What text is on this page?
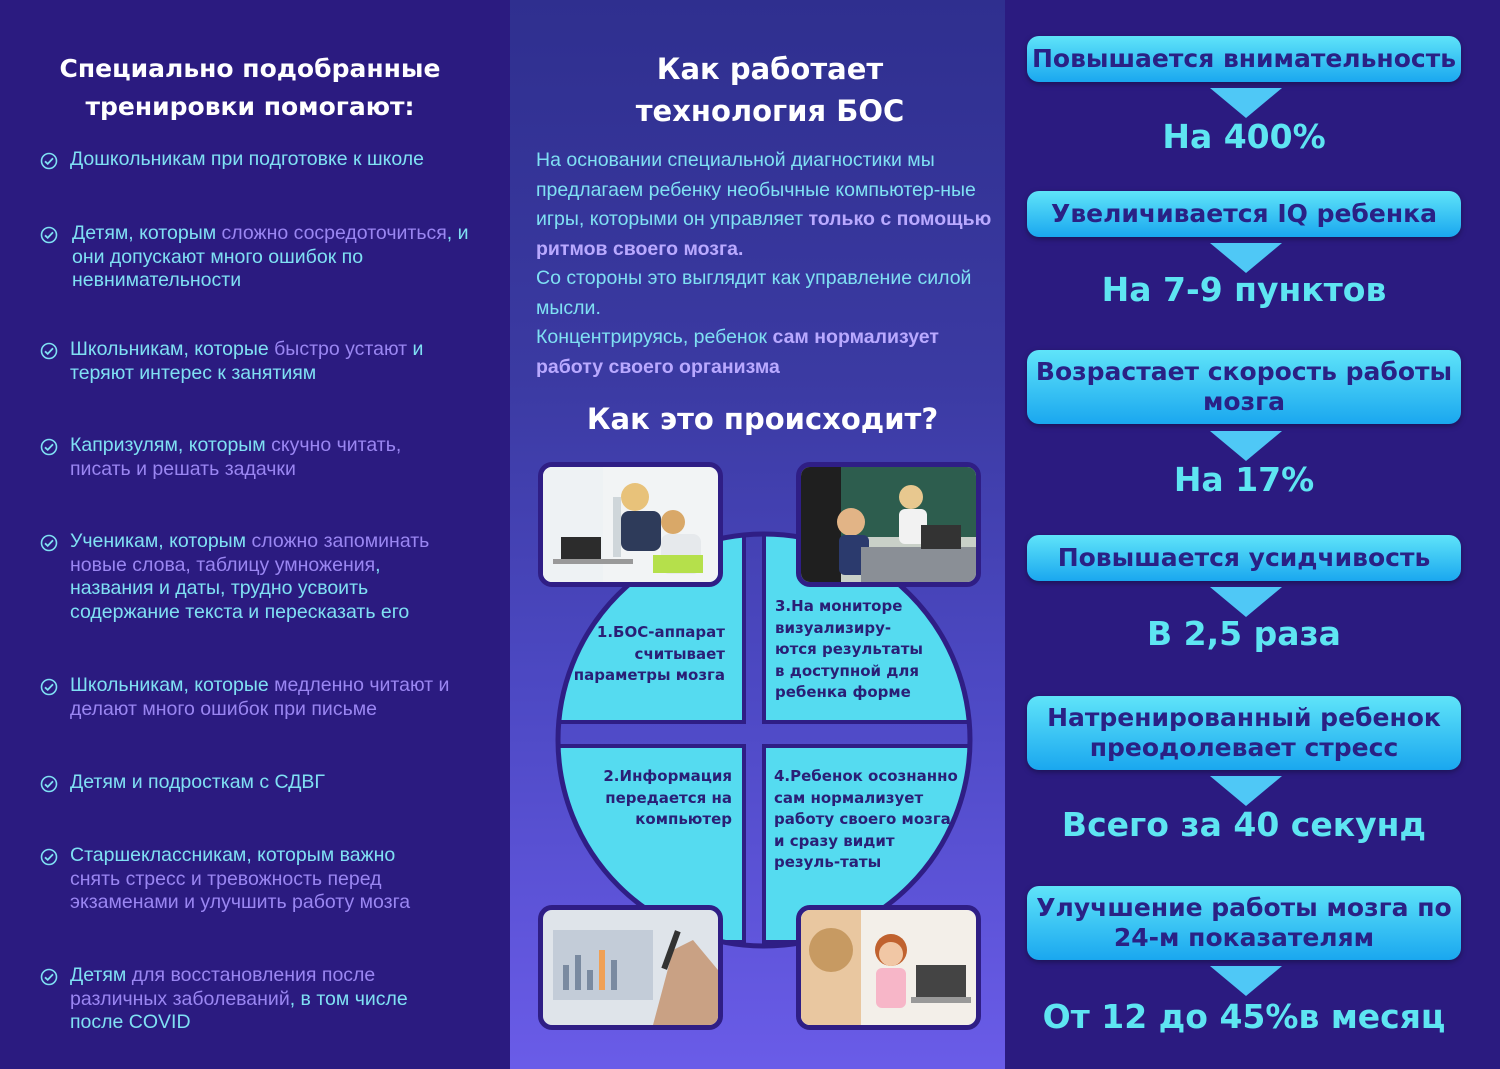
Специально подобранные
тренировки помогают:
Дошкольникам при подготовке к школе
Детям, которым сложно сосредоточиться, и они допускают много ошибок по невнимательности
Школьникам, которые быстро устают и теряют интерес к занятиям
Капризулям, которым скучно читать, писать и решать задачки
Ученикам, которым сложно запоминать новые слова, таблицу умножения, названия и даты, трудно усвоить содержание текста и пересказать его
Школьникам, которые медленно читают и делают много ошибок при письме
Детям и подросткам с СДВГ
Старшеклассникам, которым важно снять стресс и тревожность перед экзаменами и улучшить работу мозга
Детям для восстановления после различных заболеваний, в том числе после COVID
Как работает
технология БОС
На основании специальной диагностики мы предлагаем ребенку необычные компьютер-ные игры, которыми он управляет только с помощью ритмов своего мозга.
Со стороны это выглядит как управление силой мысли.
Концентрируясь, ребенок сам нормализует работу своего организма
Как это происходит?
1.БОС-аппарат считывает параметры мозга
2.Информация передается на компьютер
3.На мониторе визуализиру-ются результаты в доступной для ребенка форме
4.Ребенок осознанно сам нормализует работу своего мозга и сразу видит резуль-таты
Повышается внимательность
На 400%
Увеличивается IQ ребенка
На 7-9 пунктов
Возрастает скорость работы мозга
На 17%
Повышается усидчивость
В 2,5 раза
Натренированный ребенок преодолевает стресс
Всего за 40 секунд
Улучшение работы мозга по 24-м показателям
От 12 до 45%в месяц
